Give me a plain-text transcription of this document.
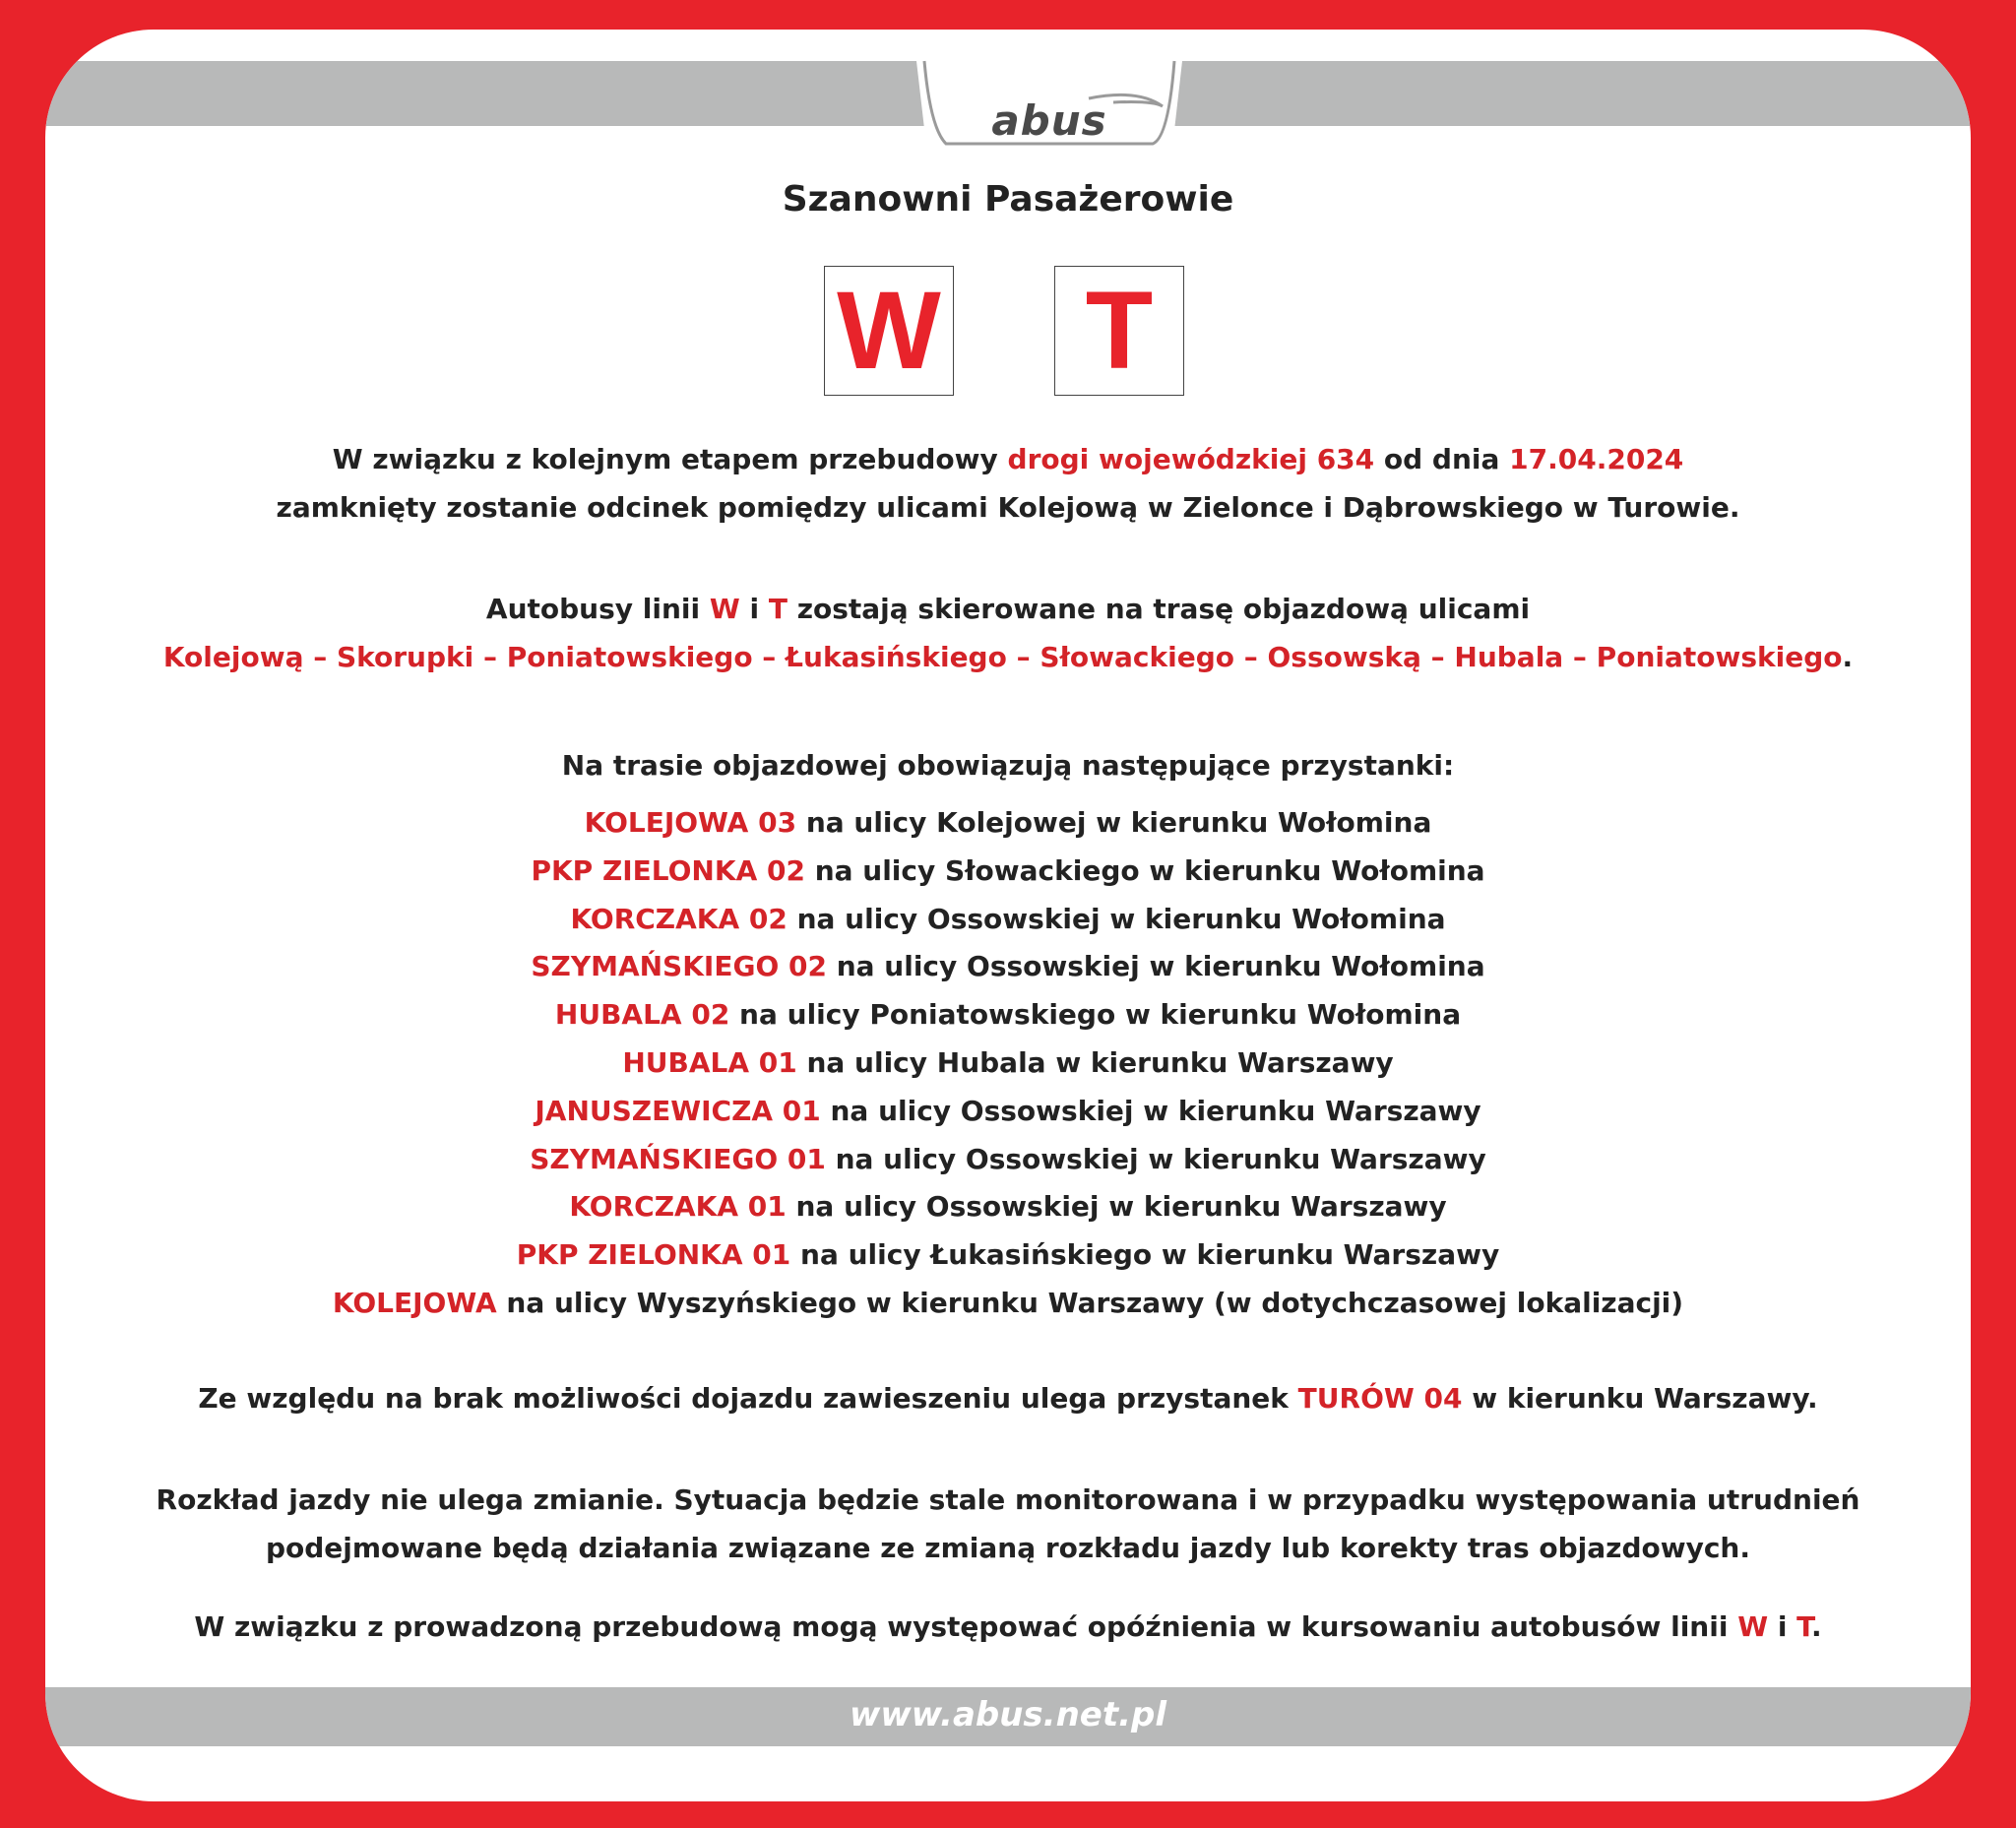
abus
Szanowni Pasażerowie
W T
W związku z kolejnym etapem przebudowy drogi wojewódzkiej 634 od dnia 17.04.2024
zamknięty zostanie odcinek pomiędzy ulicami Kolejową w Zielonce i Dąbrowskiego w Turowie.
Autobusy linii W i T zostają skierowane na trasę objazdową ulicami
Kolejową – Skorupki – Poniatowskiego – Łukasińskiego – Słowackiego – Ossowską – Hubala – Poniatowskiego.
Na trasie objazdowej obowiązują następujące przystanki:
KOLEJOWA 03 na ulicy Kolejowej w kierunku Wołomina
PKP ZIELONKA 02 na ulicy Słowackiego w kierunku Wołomina
KORCZAKA 02 na ulicy Ossowskiej w kierunku Wołomina
SZYMAŃSKIEGO 02 na ulicy Ossowskiej w kierunku Wołomina
HUBALA 02 na ulicy Poniatowskiego w kierunku Wołomina
HUBALA 01 na ulicy Hubala w kierunku Warszawy
JANUSZEWICZA 01 na ulicy Ossowskiej w kierunku Warszawy
SZYMAŃSKIEGO 01 na ulicy Ossowskiej w kierunku Warszawy
KORCZAKA 01 na ulicy Ossowskiej w kierunku Warszawy
PKP ZIELONKA 01 na ulicy Łukasińskiego w kierunku Warszawy
KOLEJOWA na ulicy Wyszyńskiego w kierunku Warszawy (w dotychczasowej lokalizacji)
Ze względu na brak możliwości dojazdu zawieszeniu ulega przystanek TURÓW 04 w kierunku Warszawy.
Rozkład jazdy nie ulega zmianie. Sytuacja będzie stale monitorowana i w przypadku występowania utrudnień
podejmowane będą działania związane ze zmianą rozkładu jazdy lub korekty tras objazdowych.
W związku z prowadzoną przebudową mogą występować opóźnienia w kursowaniu autobusów linii W i T.
www.abus.net.pl
